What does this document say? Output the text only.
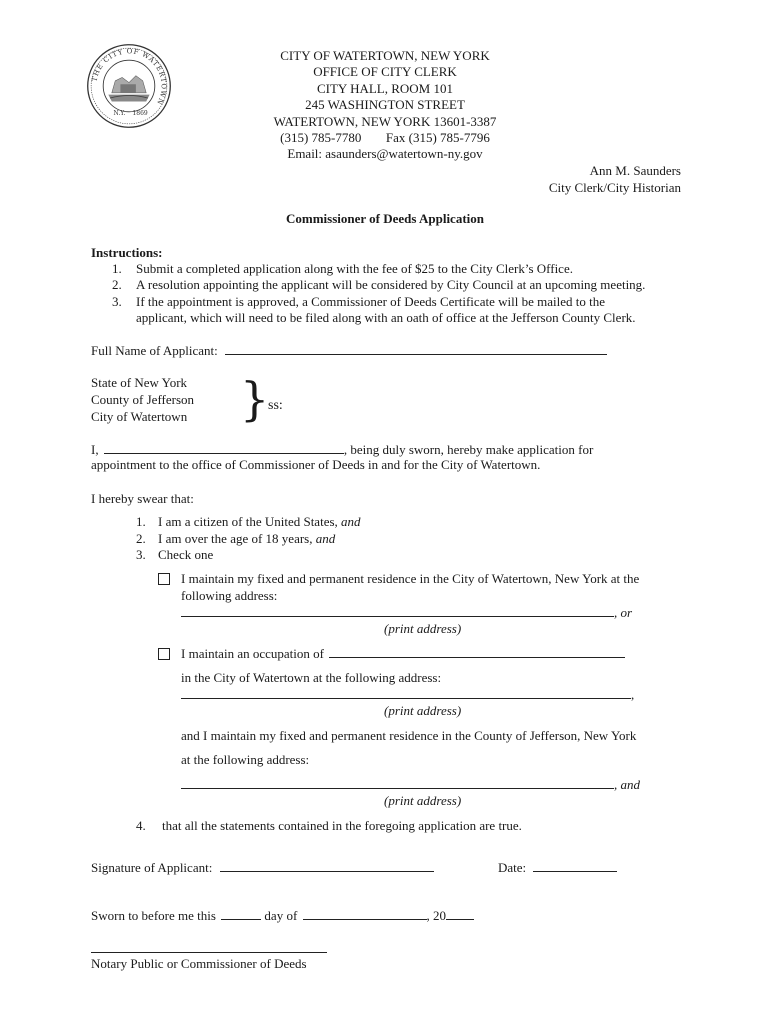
THE CITY OF WATERTOWN
N.Y. 1869
CITY OF WATERTOWN, NEW YORK
OFFICE OF CITY CLERK
CITY HALL, ROOM 101
245 WASHINGTON STREET
WATERTOWN, NEW YORK 13601-3387
(315) 785-7780 Fax (315) 785-7796
Email: asaunders@watertown-ny.gov
Ann M. Saunders
City Clerk/City Historian
Commissioner of Deeds Application
Instructions:
1. Submit a completed application along with the fee of $25 to the City Clerk’s Office.
2. A resolution appointing the applicant will be considered by City Council at an upcoming meeting.
3. If the appointment is approved, a Commissioner of Deeds Certificate will be mailed to the
applicant, which will need to be filed along with an oath of office at the Jefferson County Clerk.
Full Name of Applicant:
State of New York
County of Jefferson
City of Watertown }
ss:
I,	, being duly sworn, hereby make application for
appointment to the office of Commissioner of Deeds in and for the City of Watertown.
I hereby swear that:
1. I am a citizen of the United States, and
2. I am over the age of 18 years, and
3. Check one
I maintain my fixed and permanent residence in the City of Watertown, New York at the
following address:
, or
(print address)
I maintain an occupation of
in the City of Watertown at the following address:
,
(print address)
and I maintain my fixed and permanent residence in the County of Jefferson, New York
at the following address:
, and
(print address)
4. that all the statements contained in the foregoing application are true.
Signature of Applicant:	Date:
Sworn to before me this	day of	, 20
Notary Public or Commissioner of Deeds
